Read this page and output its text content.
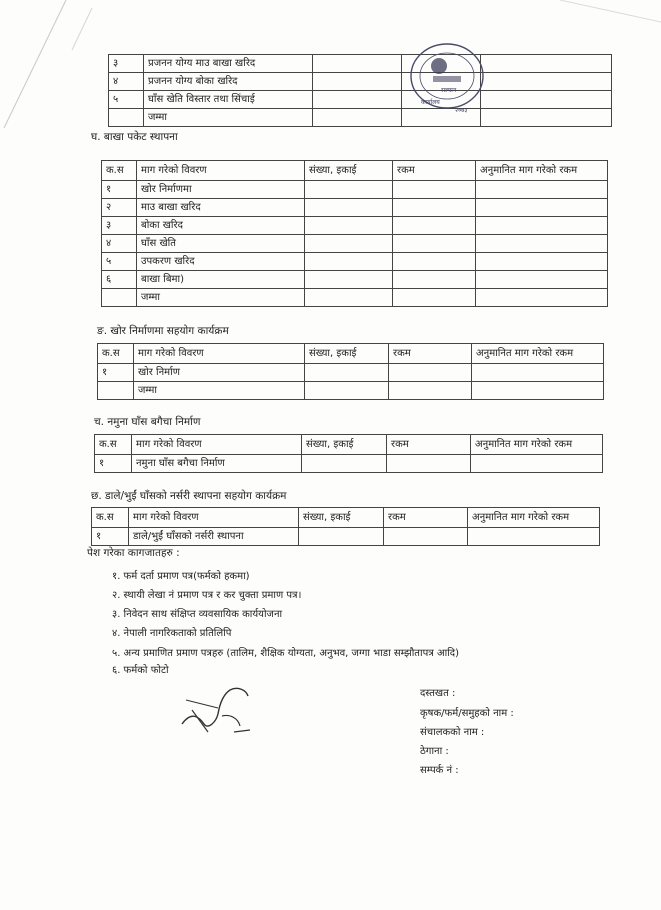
३	प्रजनन योग्य माउ बाखा खरिद			
४	प्रजनन योग्य बोका खरिद			
५	घाँस खेति विस्तार तथा सिंचाई			
	जम्मा			
सल्यान
कार्यालय
२०७३
घ. बाखा पकेट स्थापना
क.स	माग गरेको विवरण	संख्या, इकाई	रकम	अनुमानित माग गरेको रकम
१	खोर निर्माणमा			
२	माउ बाखा खरिद			
३	बोका खरिद			
४	घाँस खेति			
५	उपकरण खरिद			
६	बाखा बिमा)			
	जम्मा			
ङ. खोर निर्माणमा सहयोग कार्यक्रम
क.स	माग गरेको विवरण	संख्या, इकाई	रकम	अनुमानित माग गरेको रकम
१	खोर निर्माण			
	जम्मा			
च. नमुना घाँस बगैचा निर्माण
क.स	माग गरेको विवरण	संख्या, इकाई	रकम	अनुमानित माग गरेको रकम
१	नमुना घाँस बगैचा निर्माण			
छ. डाले/भुईं घाँसको नर्सरी स्थापना सहयोग कार्यक्रम
क.स	माग गरेको विवरण	संख्या, इकाई	रकम	अनुमानित माग गरेको रकम
१	डाले/भुईं घाँसको नर्सरी स्थापना			
पेश गरेका कागजातहरु :
१. फर्म दर्ता प्रमाण पत्र(फर्मको हकमा)
२. स्थायी लेखा नं प्रमाण पत्र र कर चुक्ता प्रमाण पत्र।
३. निवेदन साथ संक्षिप्त व्यवसायिक कार्ययोजना
४. नेपाली नागरिकताको प्रतिलिपि
५. अन्य प्रमाणित प्रमाण पत्रहरु (तालिम, शैक्षिक योग्यता, अनुभव, जग्गा भाडा सम्झौतापत्र आदि)
६. फर्मको फोटो
दस्तखत :
कृषक/फर्म/समुहको नाम :
संचालकको नाम :
ठेगाना :
सम्पर्क नं :
